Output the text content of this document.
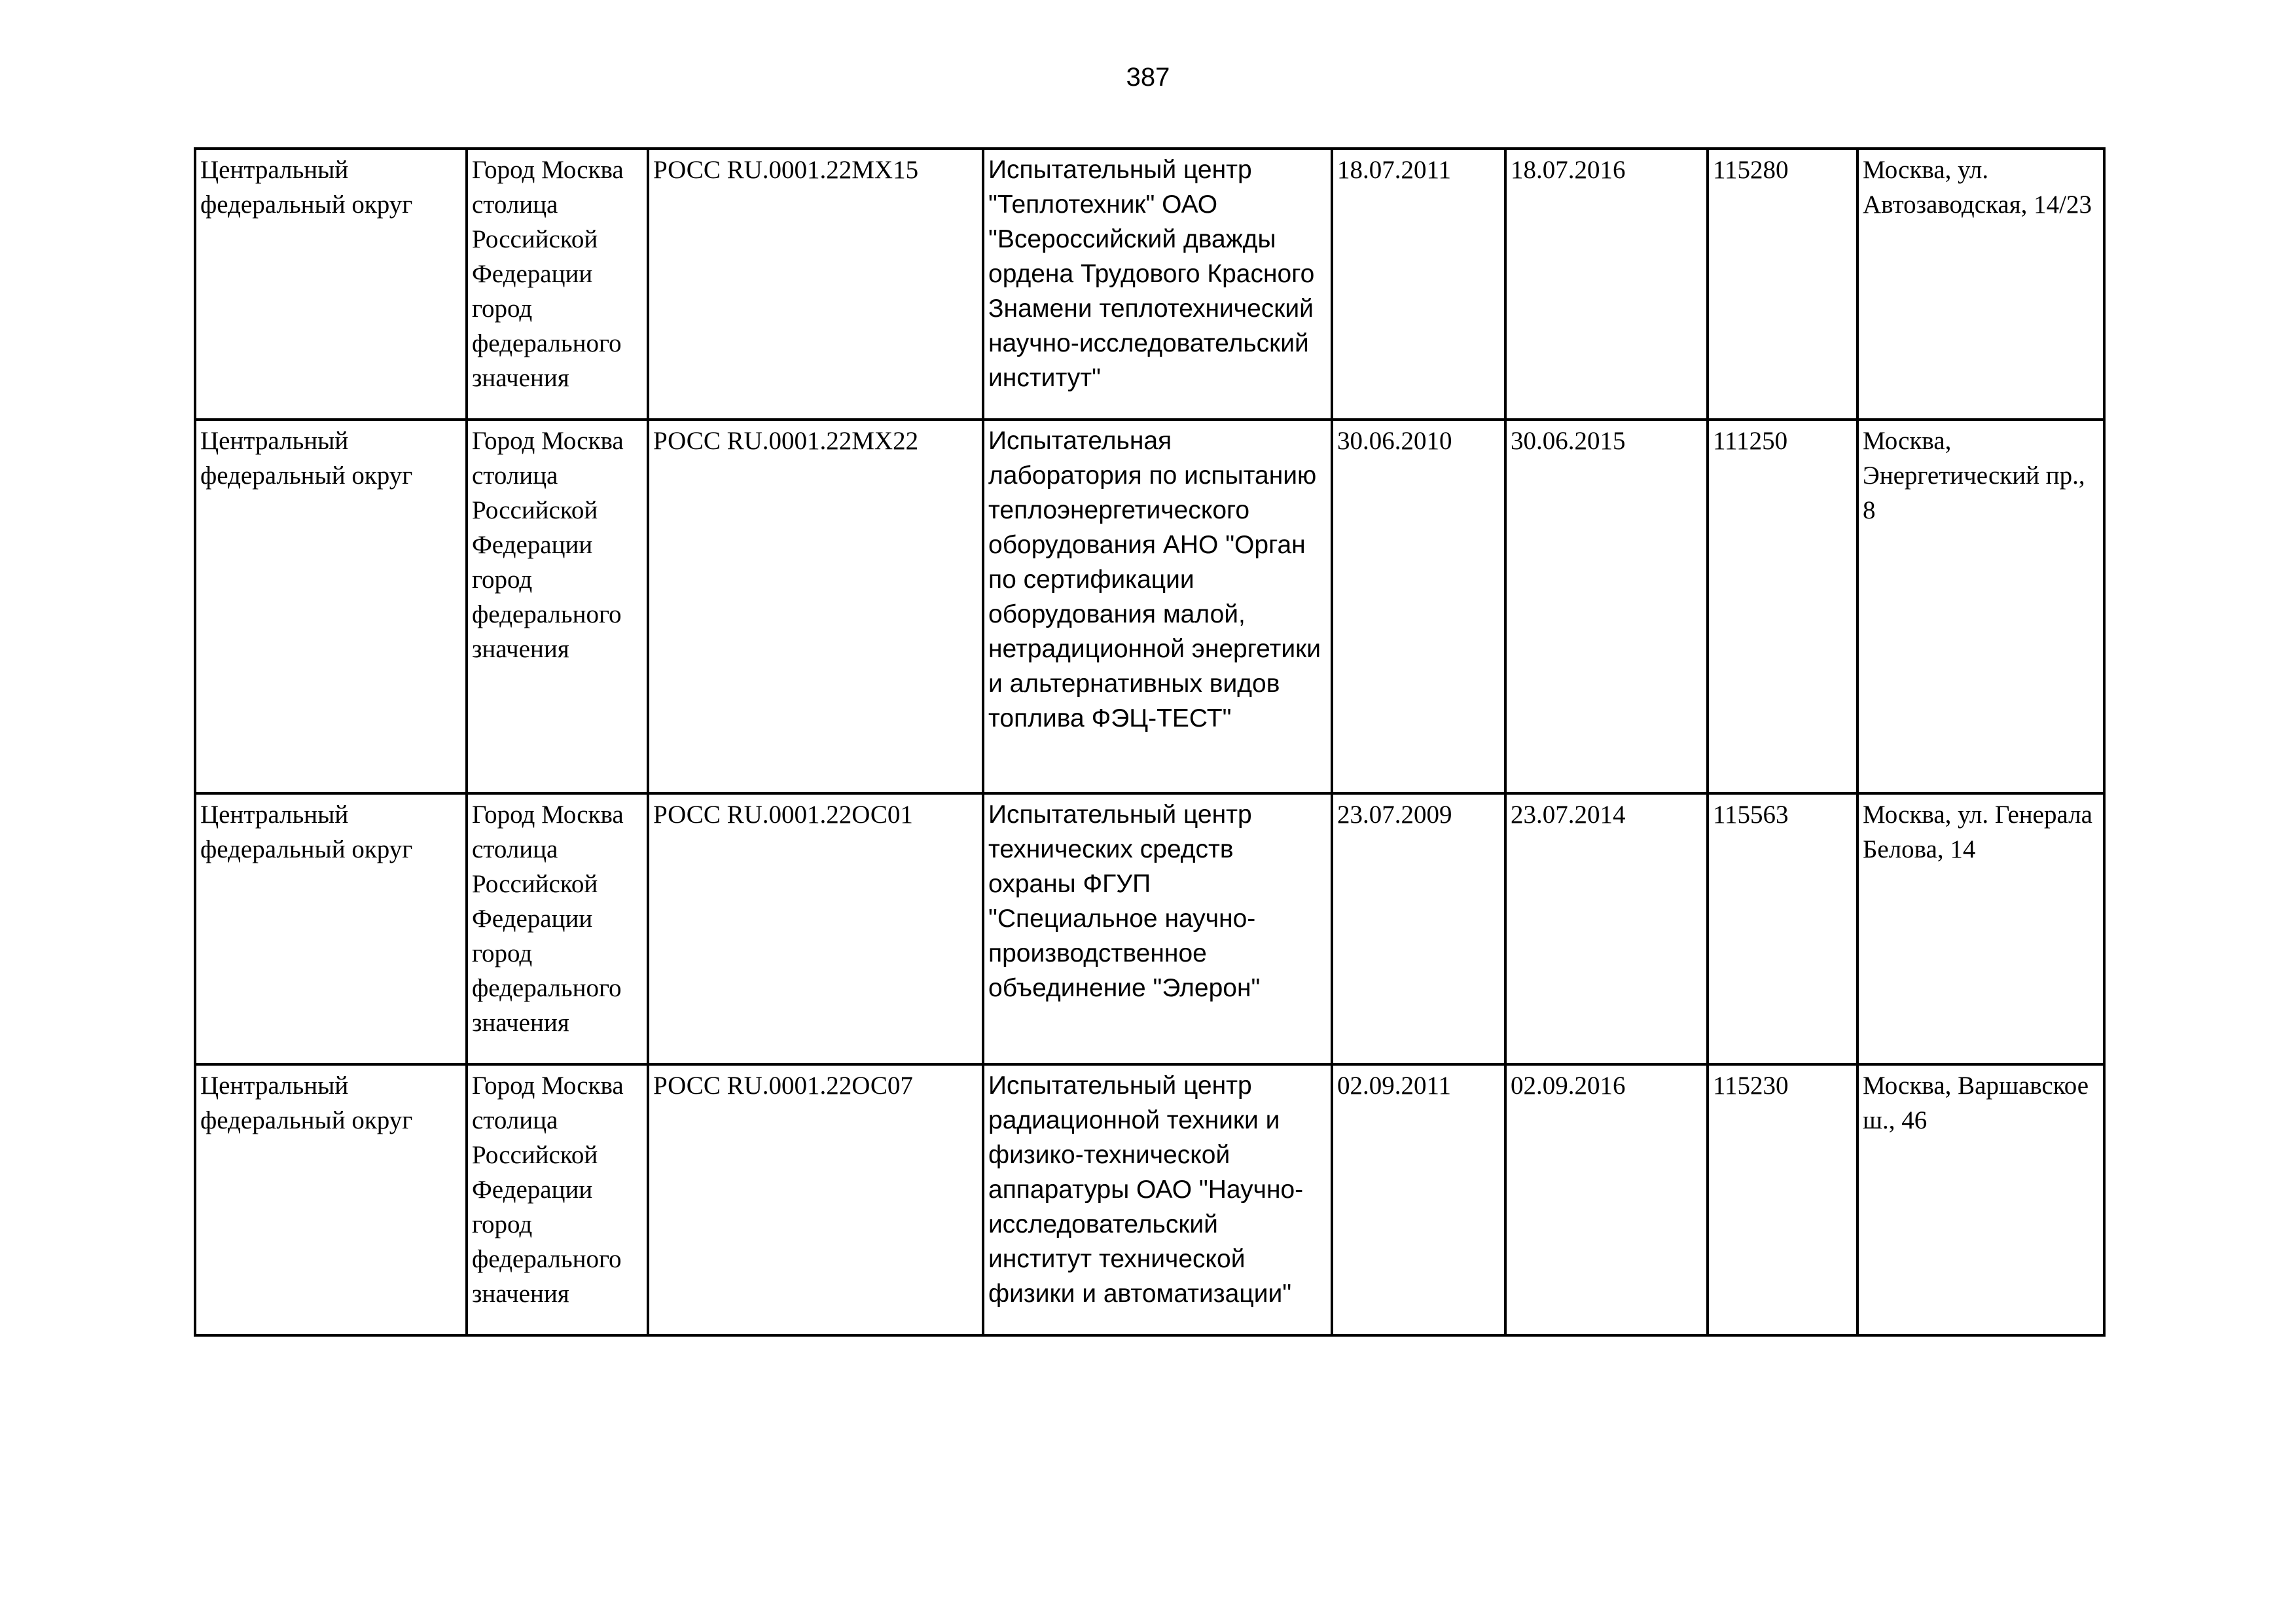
387
Центральный федеральный округ	Город Москва столица Российской Федерации город федерального значения	РОСС RU.0001.22МХ15	Испытательный центр "Теплотехник" ОАО "Всероссийский дважды ордена Трудового Красного Знамени теплотехнический научно-исследовательский институт"	18.07.2011	18.07.2016	115280	Москва, ул. Автозаводская, 14/23

Центральный федеральный округ	Город Москва столица Российской Федерации город федерального значения	РОСС RU.0001.22МХ22	Испытательная лаборатория по испытанию теплоэнергетического оборудования АНО "Орган по сертификации оборудования малой, нетрадиционной энергетики и альтернативных видов топлива ФЭЦ-ТЕСТ"	30.06.2010	30.06.2015	111250	Москва, Энергетический пр., 8

Центральный федеральный округ	Город Москва столица Российской Федерации город федерального значения	РОСС RU.0001.22ОС01	Испытательный центр технических средств охраны ФГУП "Специальное научно-производственное объединение "Элерон"	23.07.2009	23.07.2014	115563	Москва, ул. Генерала Белова, 14

Центральный федеральный округ	Город Москва столица Российской Федерации город федерального значения	РОСС RU.0001.22ОС07	Испытательный центр радиационной техники и физико-технической аппаратуры ОАО "Научно-исследовательский институт технической физики и автоматизации"	02.09.2011	02.09.2016	115230	Москва, Варшавское ш., 46
